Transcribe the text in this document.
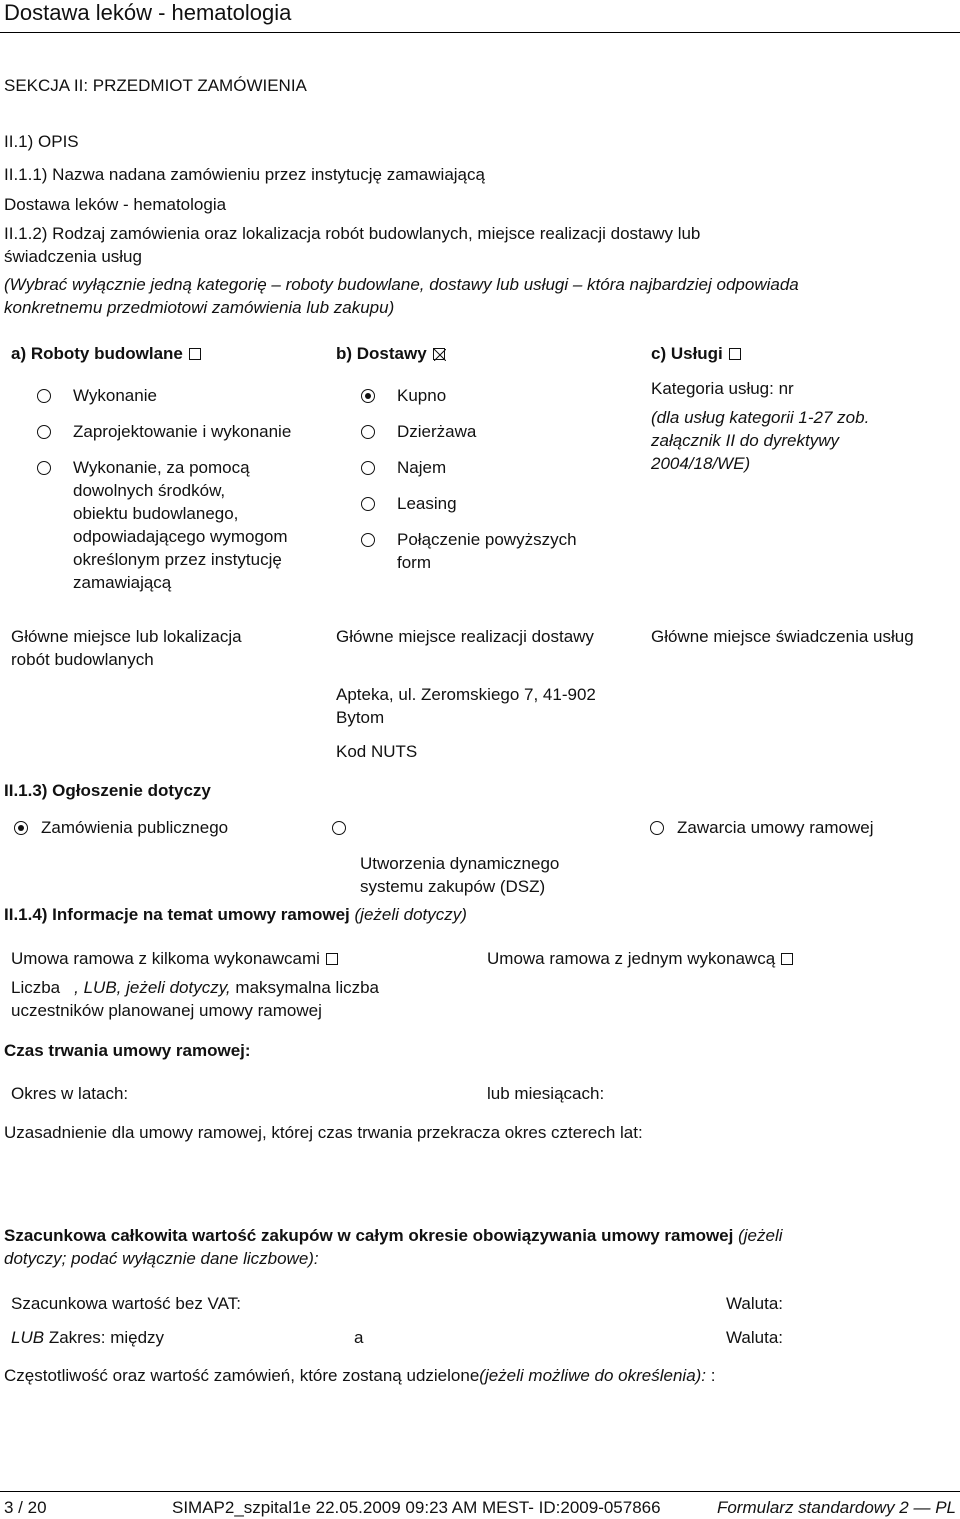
Dostawa leków - hematologia
SEKCJA II: PRZEDMIOT ZAMÓWIENIA
II.1) OPIS
II.1.1) Nazwa nadana zamówieniu przez instytucję zamawiającą
Dostawa leków - hematologia
II.1.2) Rodzaj zamówienia oraz lokalizacja robót budowlanych, miejsce realizacji dostawy lub
świadczenia usług
(Wybrać wyłącznie jedną kategorię – roboty budowlane, dostawy lub usługi – która najbardziej odpowiada
konkretnemu przedmiotowi zamówienia lub zakupu)
a) Roboty budowlane	b) Dostawy	c) Usługi
Wykonanie
Zaprojektowanie i wykonanie
Wykonanie, za pomocą
dowolnych środków,
obiektu budowlanego,
odpowiadającego wymogom
określonym przez instytucję
zamawiającą
Kupno
Dzierżawa
Najem
Leasing
Połączenie powyższych
form
Kategoria usług: nr
(dla usług kategorii 1-27 zob.
załącznik II do dyrektywy
2004/18/WE)
Główne miejsce lub lokalizacja
robót budowlanych
Główne miejsce realizacji dostawy
Apteka, ul. Zeromskiego 7, 41-902
Bytom
Kod NUTS
Główne miejsce świadczenia usług
II.1.3) Ogłoszenie dotyczy
Zamówienia publicznego
Utworzenia dynamicznego
systemu zakupów (DSZ)
Zawarcia umowy ramowej
II.1.4) Informacje na temat umowy ramowej (jeżeli dotyczy)
Umowa ramowa z kilkoma wykonawcami	Umowa ramowa z jednym wykonawcą
Liczba , LUB, jeżeli dotyczy, maksymalna liczba
uczestników planowanej umowy ramowej
Czas trwania umowy ramowej:
Okres w latach:	lub miesiącach:
Uzasadnienie dla umowy ramowej, której czas trwania przekracza okres czterech lat:
Szacunkowa całkowita wartość zakupów w całym okresie obowiązywania umowy ramowej (jeżeli
dotyczy; podać wyłącznie dane liczbowe):
Szacunkowa wartość bez VAT:	Waluta:
LUB Zakres: między	a	Waluta:
Częstotliwość oraz wartość zamówień, które zostaną udzielone(jeżeli możliwe do określenia): :
3 / 20	SIMAP2_szpital1e 22.05.2009 09:23 AM MEST- ID:2009-057866	Formularz standardowy 2 — PL
